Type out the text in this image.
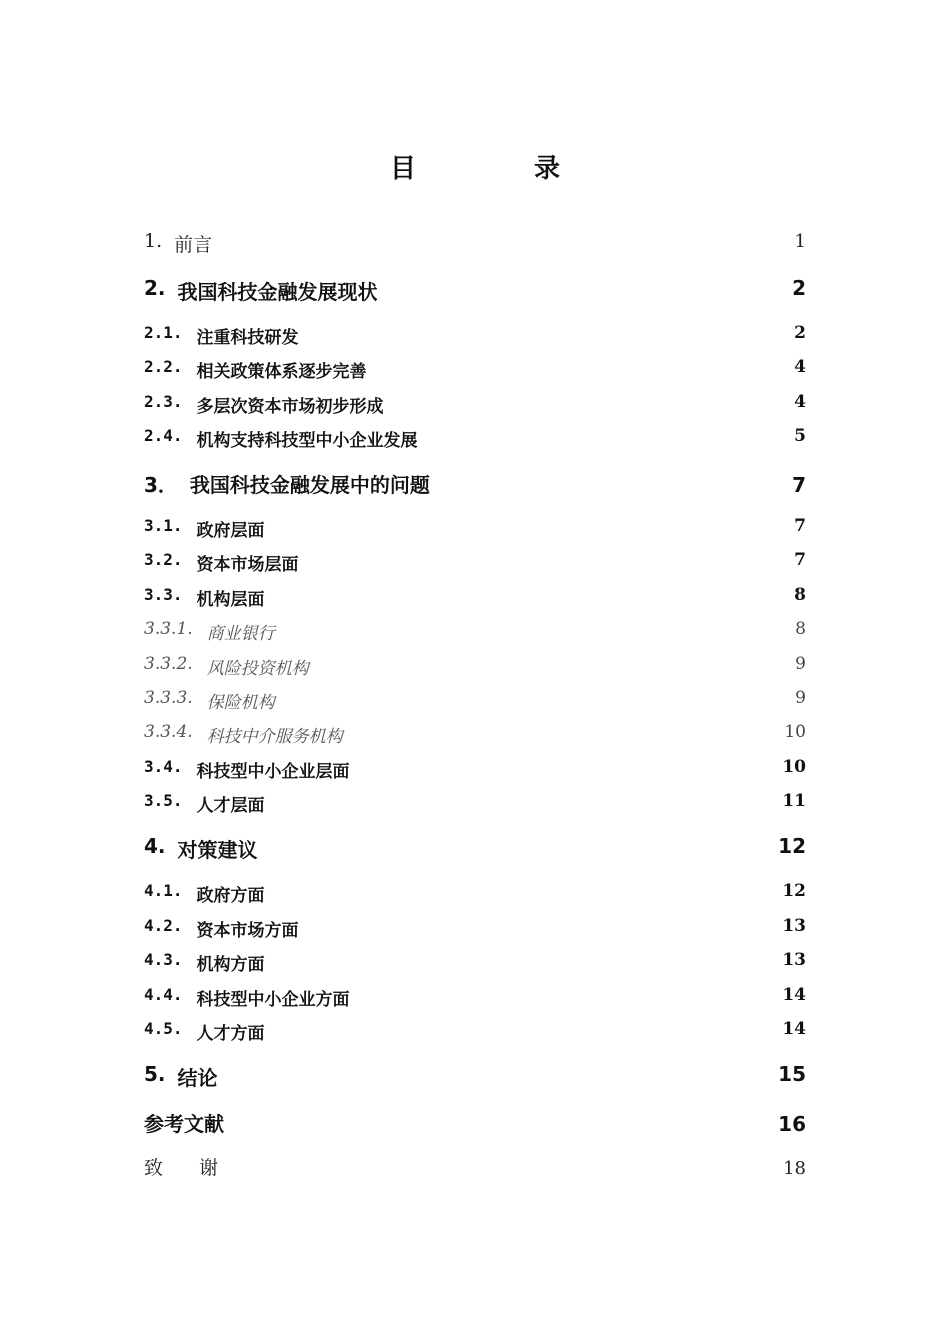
目　录
1. 前言	1
2. 我国科技金融发展现状	2
2.1. 注重科技研发	2
2.2. 相关政策体系逐步完善	4
2.3. 多层次资本市场初步形成	4
2.4. 机构支持科技型中小企业发展	5
3． 我国科技金融发展中的问题	7
3.1. 政府层面	7
3.2. 资本市场层面	7
3.3. 机构层面	8
3.3.1. 商业银行	8
3.3.2. 风险投资机构	9
3.3.3. 保险机构	9
3.3.4. 科技中介服务机构	10
3.4. 科技型中小企业层面	10
3.5. 人才层面	11
4. 对策建议	12
4.1. 政府方面	12
4.2. 资本市场方面	13
4.3. 机构方面	13
4.4. 科技型中小企业方面	14
4.5. 人才方面	14
5. 结论	15
参考文献	16
致谢	18
